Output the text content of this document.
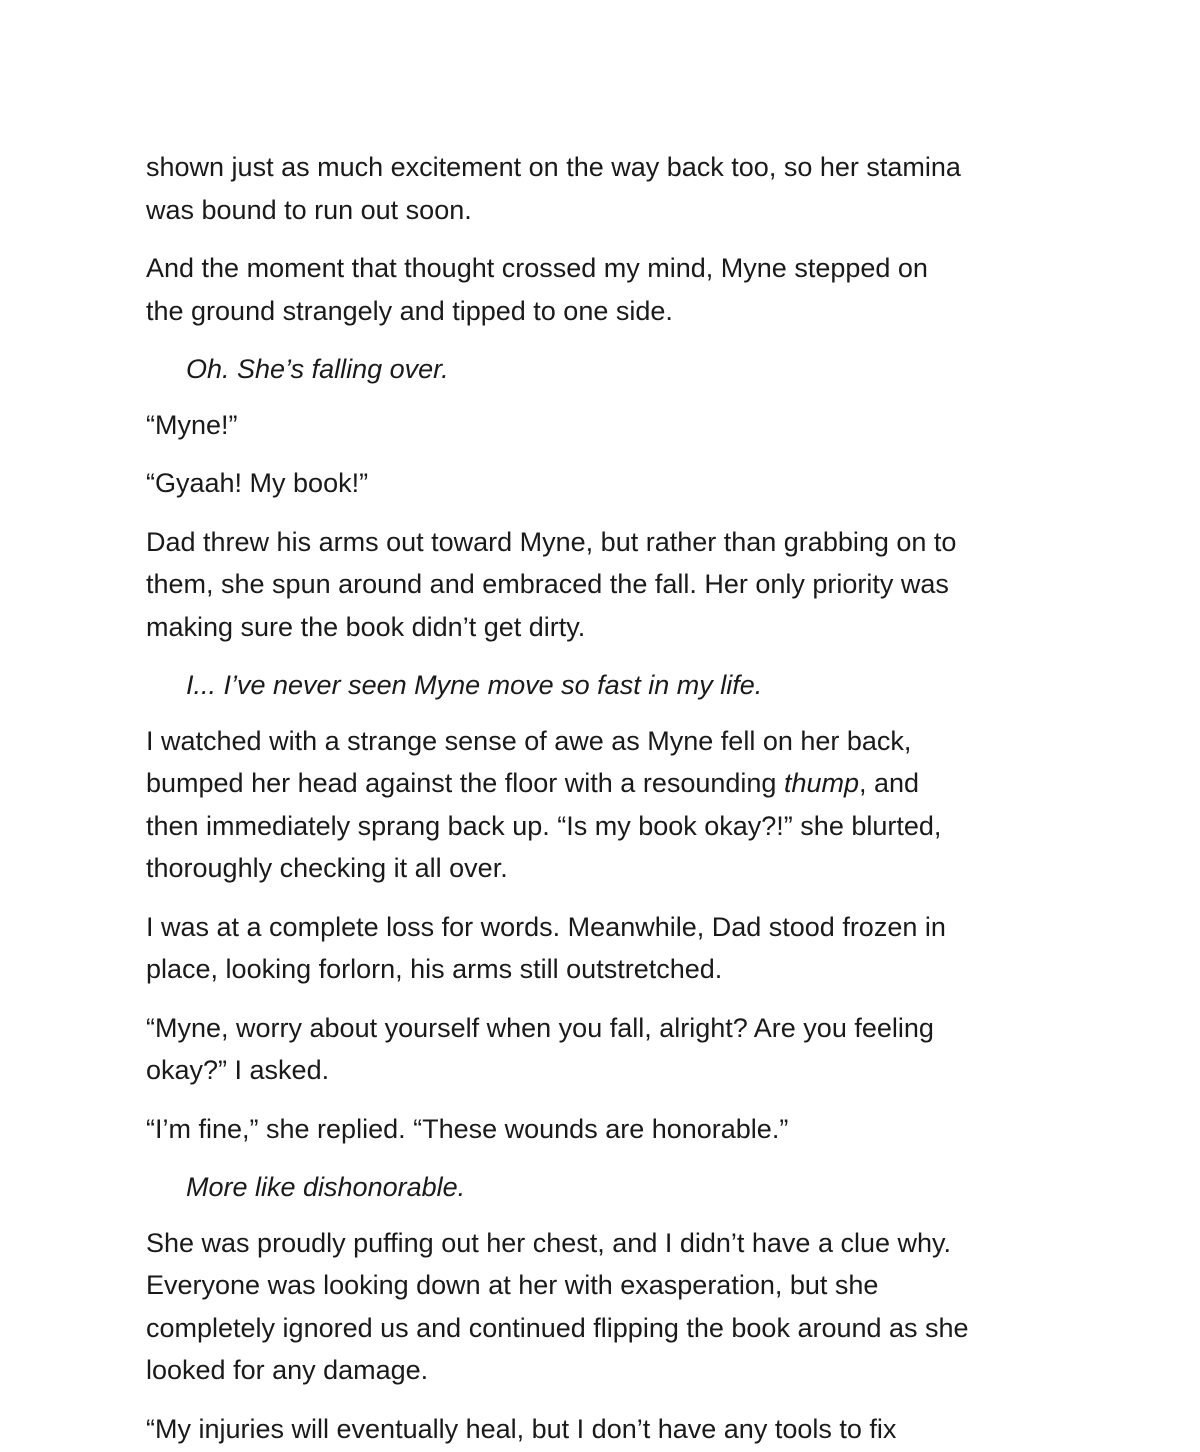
shown just as much excitement on the way back too, so her stamina
was bound to run out soon.

And the moment that thought crossed my mind, Myne stepped on
the ground strangely and tipped to one side.

Oh. She’s falling over.

“Myne!”

“Gyaah! My book!”

Dad threw his arms out toward Myne, but rather than grabbing on to
them, she spun around and embraced the fall. Her only priority was
making sure the book didn’t get dirty.

I... I’ve never seen Myne move so fast in my life.

I watched with a strange sense of awe as Myne fell on her back,
bumped her head against the floor with a resounding thump, and
then immediately sprang back up. “Is my book okay?!” she blurted,
thoroughly checking it all over.

I was at a complete loss for words. Meanwhile, Dad stood frozen in
place, looking forlorn, his arms still outstretched.

“Myne, worry about yourself when you fall, alright? Are you feeling
okay?” I asked.

“I’m fine,” she replied. “These wounds are honorable.”

More like dishonorable.

She was proudly puffing out her chest, and I didn’t have a clue why.
Everyone was looking down at her with exasperation, but she
completely ignored us and continued flipping the book around as she
looked for any damage.

“My injuries will eventually heal, but I don’t have any tools to fix
